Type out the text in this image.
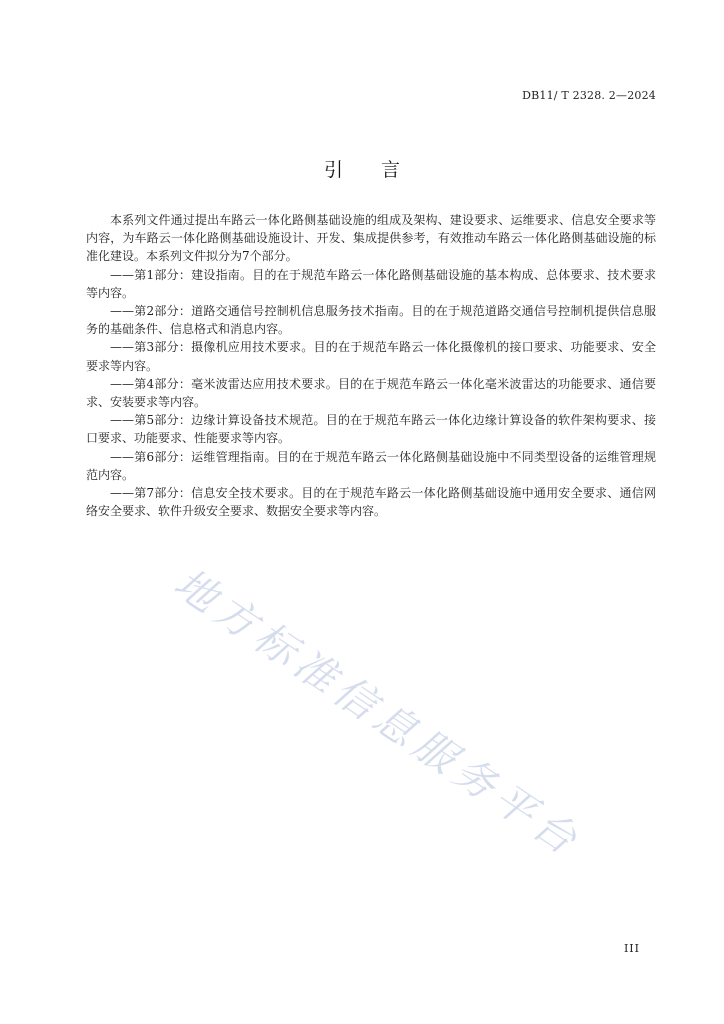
DB11/ T 2328. 2—2024
引言

本系列文件通过提出车路云一体化路侧基础设施的组成及架构、建设要求、运维要求、信息安全要求等内容，为车路云一体化路侧基础设施设计、开发、集成提供参考，有效推动车路云一体化路侧基础设施的标准化建设。本系列文件拟分为7个部分。

——第1部分：建设指南。目的在于规范车路云一体化路侧基础设施的基本构成、总体要求、技术要求等内容。

——第2部分：道路交通信号控制机信息服务技术指南。目的在于规范道路交通信号控制机提供信息服务的基础条件、信息格式和消息内容。

——第3部分：摄像机应用技术要求。目的在于规范车路云一体化摄像机的接口要求、功能要求、安全要求等内容。

——第4部分：毫米波雷达应用技术要求。目的在于规范车路云一体化毫米波雷达的功能要求、通信要求、安装要求等内容。

——第5部分：边缘计算设备技术规范。目的在于规范车路云一体化边缘计算设备的软件架构要求、接口要求、功能要求、性能要求等内容。

——第6部分：运维管理指南。目的在于规范车路云一体化路侧基础设施中不同类型设备的运维管理规范内容。

——第7部分：信息安全技术要求。目的在于规范车路云一体化路侧基础设施中通用安全要求、通信网络安全要求、软件升级安全要求、数据安全要求等内容。

地方标准信息服务平台
III
